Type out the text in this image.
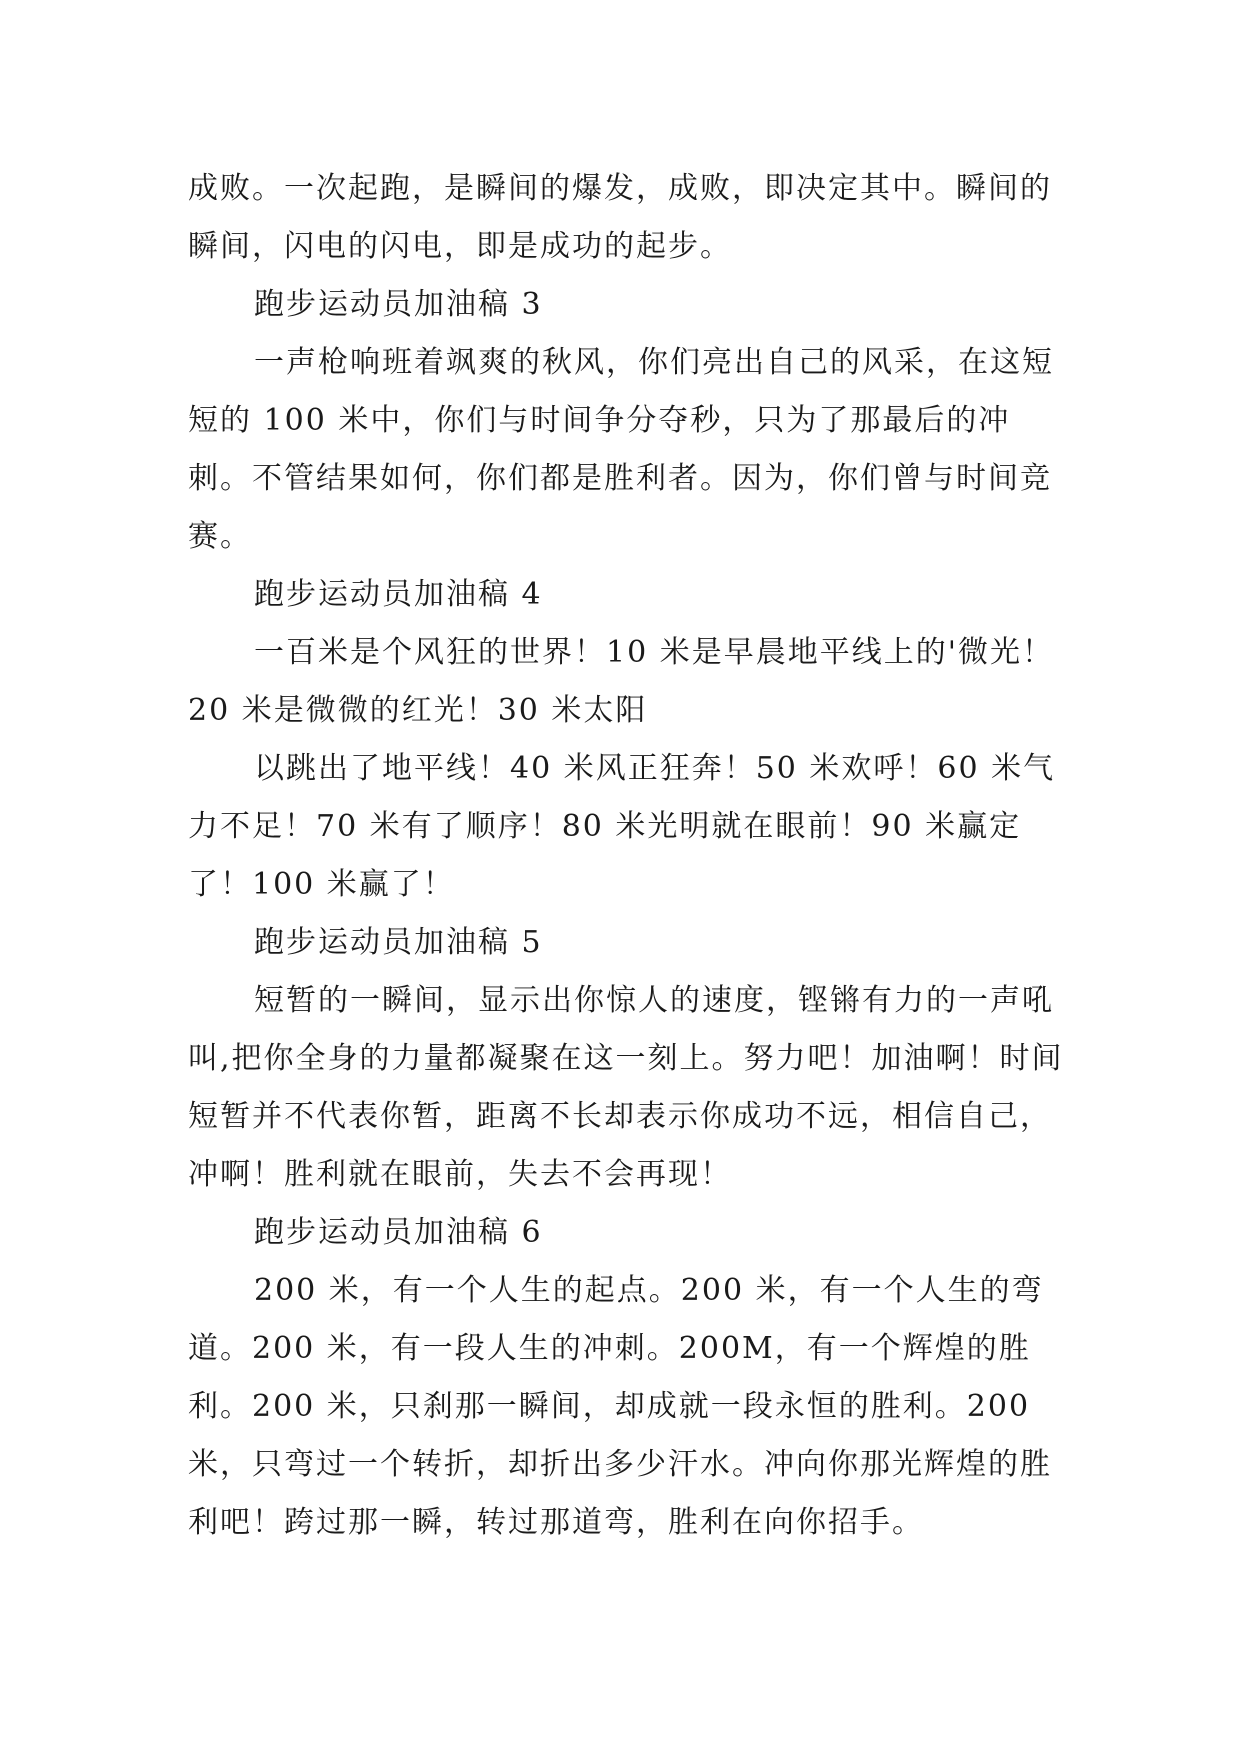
成败。一次起跑，是瞬间的爆发，成败，即决定其中。瞬间的瞬间，闪电的闪电，即是成功的起步。

跑步运动员加油稿 3

一声枪响班着飒爽的秋风，你们亮出自己的风采，在这短短的 100 米中，你们与时间争分夺秒，只为了那最后的冲刺。不管结果如何，你们都是胜利者。因为，你们曾与时间竞赛。

跑步运动员加油稿 4

一百米是个风狂的世界！10 米是早晨地平线上的'微光！20 米是微微的红光！30 米太阳

以跳出了地平线！40 米风正狂奔！50 米欢呼！60 米气力不足！70 米有了顺序！80 米光明就在眼前！90 米赢定了！100 米赢了！

跑步运动员加油稿 5

短暂的一瞬间，显示出你惊人的速度，铿锵有力的一声吼叫,把你全身的力量都凝聚在这一刻上。努力吧！加油啊！时间短暂并不代表你暂，距离不长却表示你成功不远，相信自己，冲啊！胜利就在眼前，失去不会再现！

跑步运动员加油稿 6

200 米，有一个人生的起点。200 米，有一个人生的弯道。200 米，有一段人生的冲刺。200M，有一个辉煌的胜利。200 米，只刹那一瞬间，却成就一段永恒的胜利。200 米，只弯过一个转折，却折出多少汗水。冲向你那光辉煌的胜利吧！跨过那一瞬，转过那道弯，胜利在向你招手。
